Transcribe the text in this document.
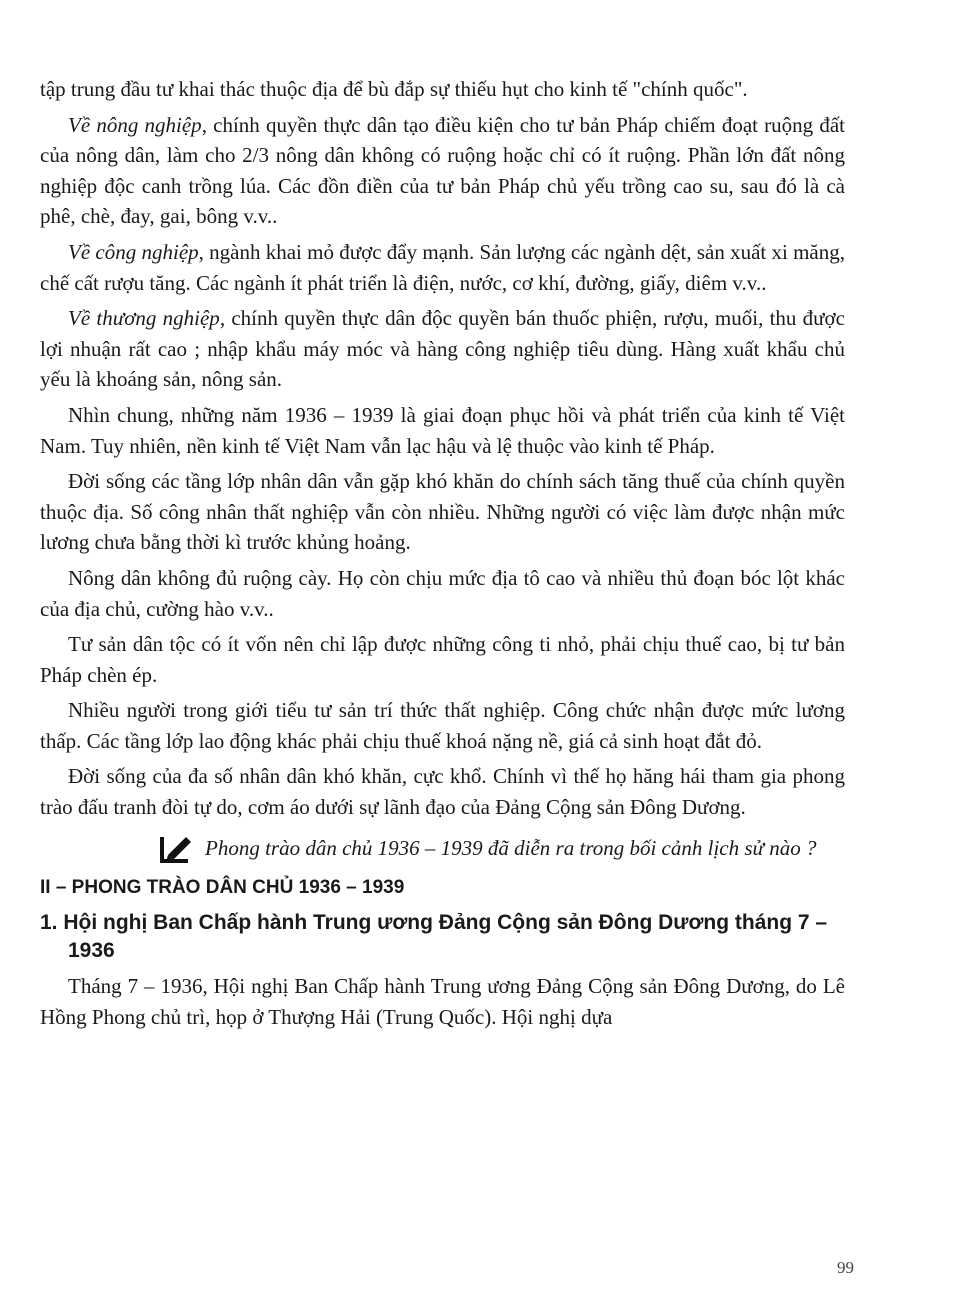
tập trung đầu tư khai thác thuộc địa để bù đắp sự thiếu hụt cho kinh tế "chính quốc".

Về nông nghiệp, chính quyền thực dân tạo điều kiện cho tư bản Pháp chiếm đoạt ruộng đất của nông dân, làm cho 2/3 nông dân không có ruộng hoặc chỉ có ít ruộng. Phần lớn đất nông nghiệp độc canh trồng lúa. Các đồn điền của tư bản Pháp chủ yếu trồng cao su, sau đó là cà phê, chè, đay, gai, bông v.v..

Về công nghiệp, ngành khai mỏ được đẩy mạnh. Sản lượng các ngành dệt, sản xuất xi măng, chế cất rượu tăng. Các ngành ít phát triển là điện, nước, cơ khí, đường, giấy, diêm v.v..

Về thương nghiệp, chính quyền thực dân độc quyền bán thuốc phiện, rượu, muối, thu được lợi nhuận rất cao ; nhập khẩu máy móc và hàng công nghiệp tiêu dùng. Hàng xuất khẩu chủ yếu là khoáng sản, nông sản.

Nhìn chung, những năm 1936 – 1939 là giai đoạn phục hồi và phát triển của kinh tế Việt Nam. Tuy nhiên, nền kinh tế Việt Nam vẫn lạc hậu và lệ thuộc vào kinh tế Pháp.

Đời sống các tầng lớp nhân dân vẫn gặp khó khăn do chính sách tăng thuế của chính quyền thuộc địa. Số công nhân thất nghiệp vẫn còn nhiều. Những người có việc làm được nhận mức lương chưa bằng thời kì trước khủng hoảng.

Nông dân không đủ ruộng cày. Họ còn chịu mức địa tô cao và nhiều thủ đoạn bóc lột khác của địa chủ, cường hào v.v..

Tư sản dân tộc có ít vốn nên chỉ lập được những công ti nhỏ, phải chịu thuế cao, bị tư bản Pháp chèn ép.

Nhiều người trong giới tiểu tư sản trí thức thất nghiệp. Công chức nhận được mức lương thấp. Các tầng lớp lao động khác phải chịu thuế khoá nặng nề, giá cả sinh hoạt đắt đỏ.

Đời sống của đa số nhân dân khó khăn, cực khổ. Chính vì thế họ hăng hái tham gia phong trào đấu tranh đòi tự do, cơm áo dưới sự lãnh đạo của Đảng Cộng sản Đông Dương.

Phong trào dân chủ 1936 – 1939 đã diễn ra trong bối cảnh lịch sử nào ?
II – PHONG TRÀO DÂN CHỦ 1936 – 1939
1. Hội nghị Ban Chấp hành Trung ương Đảng Cộng sản Đông Dương tháng 7 – 1936

Tháng 7 – 1936, Hội nghị Ban Chấp hành Trung ương Đảng Cộng sản Đông Dương, do Lê Hồng Phong chủ trì, họp ở Thượng Hải (Trung Quốc). Hội nghị dựa

99
